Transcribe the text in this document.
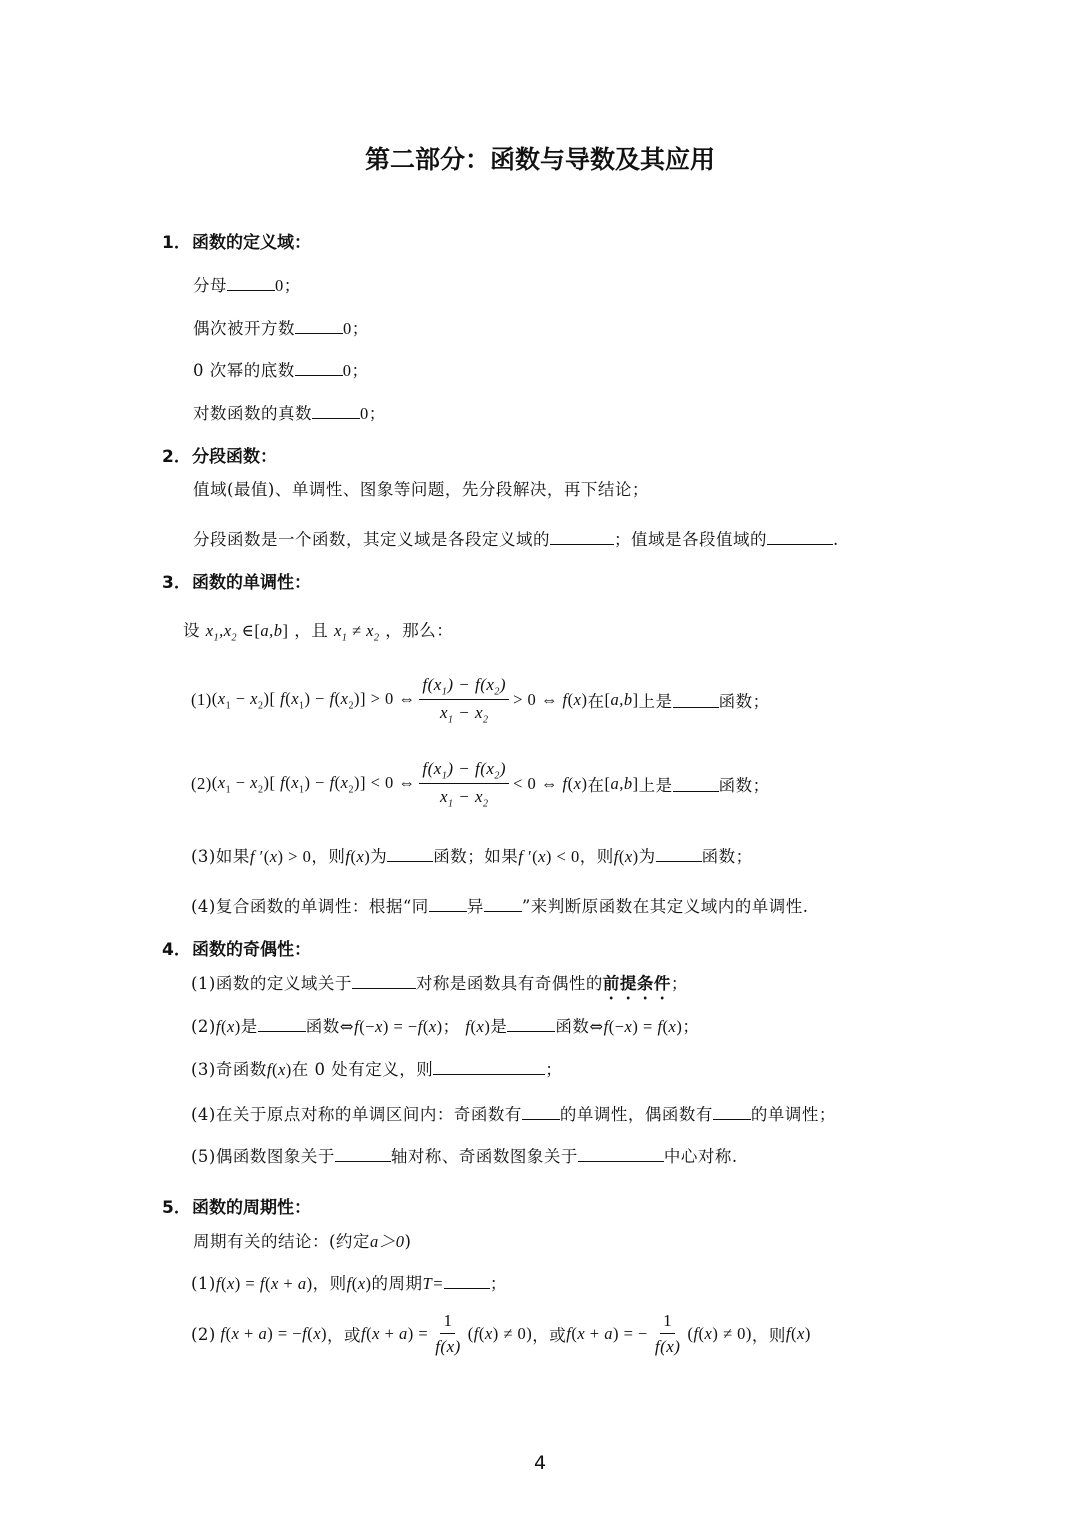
第二部分：函数与导数及其应用
1．函数的定义域：
分母	0；
偶次被开方数	0；
0 次幂的底数	0；
对数函数的真数	0；
2．分段函数：
值域(最值)、单调性、图象等问题，先分段解决，再下结论；
分段函数是一个函数，其定义域是各段定义域的	；值域是各段值域的	.
3．函数的单调性：
设 $x_1,x_2$ ∈[a,b] ，且 $x_1 \ne x_2$ ，那么：
(1) $(x_1 - x_2)$[ $f(x_1) - f(x_2)] > 0$ ⇔ $\frac{f(x_1) - f(x_2)}{x_1 - x_2} > 0$ ⇔ f(x) 在 [a,b] 上是	函数；
(2) $(x_1 - x_2)$[ $f(x_1) - f(x_2)] < 0$ ⇔ $\frac{f(x_1) - f(x_2)}{x_1 - x_2} < 0$ ⇔ f(x) 在 [a,b] 上是	函数；
(3)如果f ′(x) > 0，则f(x)为	函数；如果f ′(x) < 0，则f(x)为	函数；
(4)复合函数的单调性：根据“同 异 ”来判断原函数在其定义域内的单调性.
4．函数的奇偶性：
(1)函数的定义域关于	对称是函数具有奇偶性的前提条件；
(2)f(x)是	函数⇔f(−x) = −f(x)； f(x)是	函数⇔f(−x) = f(x)；
(3)奇函数f(x)在 0 处有定义，则	；
(4)在关于原点对称的单调区间内：奇函数有 的单调性，偶函数有 的单调性；
(5)偶函数图象关于	轴对称、奇函数图象关于	中心对称.
5．函数的周期性：
周期有关的结论：(约定a＞0)
(1)f(x) = f(x + a)，则f(x)的周期T=	；
(2) f(x + a) = −f(x) ，或 $f(x + a) = \frac{1}{f(x)} (f(x) \ne 0)$ ，或 f(x + a) = − $\frac{1}{f(x)} (f(x) \ne 0)$ ，则 f(x)
4
